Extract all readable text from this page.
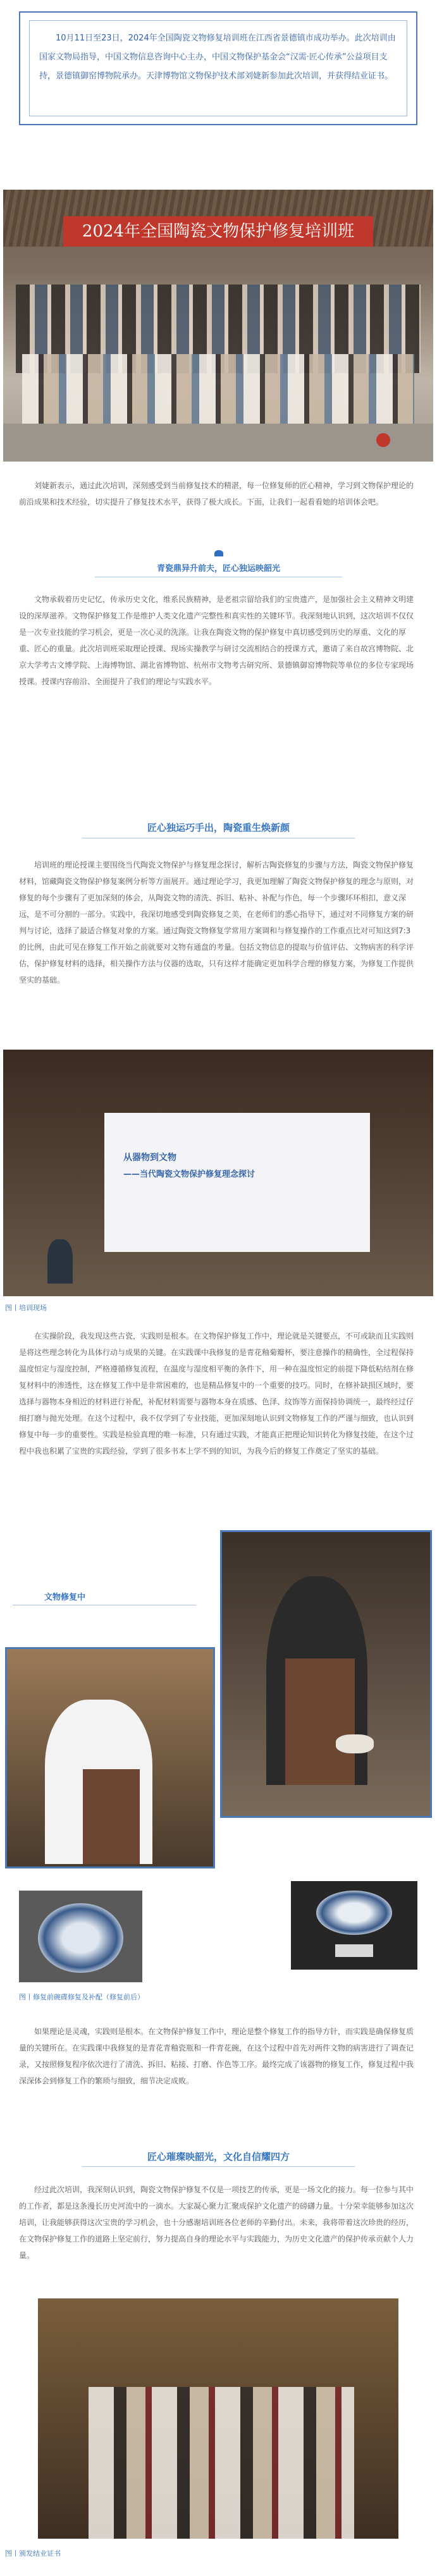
10月11日至23日，2024年全国陶瓷文物修复培训班在江西省景德镇市成功举办。此次培训由国家文物局指导，中国文物信息咨询中心主办，中国文物保护基金会“汉需·匠心传承”公益项目支持，景德镇御窑博物院承办。天津博物馆文物保护技术部刘婕新参加此次培训，并获得结业证书。
2024年全国陶瓷文物保护修复培训班
刘婕新表示，通过此次培训，深刻感受到当前修复技术的精湛，每一位修复师的匠心精神，学习到文物保护理论的前沿成果和技术经验，切实提升了修复技术水平，获得了极大成长。下面，让我们一起看看她的培训体会吧。
青瓷鼎异升前夫，匠心独运映韶光
文物承载着历史记忆，传承历史文化，维系民族精神，是老祖宗留给我们的宝贵遗产，是加强社会主义精神文明建设的深厚滋养。文物保护修复工作是维护人类文化遗产完整性和真实性的关键环节。我深刻地认识到，这次培训不仅仅是一次专业技能的学习机会，更是一次心灵的洗涤。让我在陶瓷文物的保护修复中真切感受到历史的厚重、文化的厚重、匠心的重量。此次培训班采取理论授课、现场实操教学与研讨交流相结合的授课方式，邀请了来自故宫博物院、北京大学考古文博学院、上海博物馆、湖北省博物馆、杭州市文物考古研究所、景德镇御窑博物院等单位的多位专家现场授课。授课内容前沿、全面提升了我们的理论与实践水平。
匠心独运巧手出，陶瓷重生焕新颜
培训班的理论授课主要围绕当代陶瓷文物保护与修复理念探讨，解析古陶瓷修复的步骤与方法，陶瓷文物保护修复材料，馆藏陶瓷文物保护修复案例分析等方面展开。通过理论学习，我更加理解了陶瓷文物保护修复的理念与原则，对修复的每个步骤有了更加深刻的体会，从陶瓷文物的清洗、拆旧、粘补、补配与作色，每一个步骤环环相扣，意义深远，是不可分割的一部分。实践中，我深切地感受到陶瓷修复之美，在老师们的悉心指导下，通过对不同修复方案的研判与讨论，选择了最适合修复对象的方案。通过陶瓷文物修复学常用方案调和与修复操作的工作重点比对可知这到7:3的比例，由此可见在修复工作开始之前就要对文物有通盘的考量。包括文物信息的提取与价值评估、文物病害的科学评估，保护修复材料的选择，相关操作方法与仪器的选取，只有这样才能确定更加科学合理的修复方案，为修复工作提供坚实的基础。
从器物到文物
——当代陶瓷文物保护修复理念探讨
图丨培训现场
在实操阶段，我发现这些古瓷，实践则是根本。在文物保护修复工作中，理论就是关键要点，不可或缺而且实践则是将这些理念转化为具体行动与成果的关键。在实践课中我修复的是青花釉菊瓣杯，要注意操作的精确性，全过程保持温度恒定与湿度控制，严格遵循修复流程，在温度与湿度相平衡的条件下，用一种在温度恒定的前提下降低粘结剂在修复材料中的渗透性，这在修复工作中是非常困难的，也是精品修复中的一个重要的技巧。同时，在修补缺损区域时，要选择与器物本身相近的材料进行补配，补配材料需要与器物本身在质感、色泽、纹饰等方面保持协调统一，最终经过仔细打磨与抛光处理。在这个过程中，我不仅学到了专业技能，更加深刻地认识到文物修复工作的严谨与细致，也认识到修复中每一步的重要性。实践是检验真理的唯一标准，只有通过实践，才能真正把理论知识转化为修复技能，在这个过程中我也积累了宝贵的实践经验，学到了很多书本上学不到的知识，为我今后的修复工作奠定了坚实的基础。
文物修复中
图丨修复前碗碟修复及补配（修复前后）
如果理论是灵魂，实践则是根本。在文物保护修复工作中，理论是整个修复工作的指导方针，而实践是确保修复质量的关键所在。在实践课中我修复的是青花青釉瓷瓶和一件青花碗，在这个过程中首先对两件文物的病害进行了调查记录，又按照修复程序依次进行了清洗、拆旧、粘接、打磨、作色等工序。最终完成了该器物的修复工作，修复过程中我深深体会到修复工作的繁琐与细致，细节决定成败。
匠心璀璨映韶光，文化自信耀四方
经过此次培训，我深刻认识到，陶瓷文物保护修复不仅是一项技艺的传承，更是一场文化的接力。每一位参与其中的工作者，都是这条漫长历史河流中的一滴水。大家凝心聚力汇聚成保护文化遗产的磅礴力量。十分荣幸能够参加这次培训，让我能够获得这次宝贵的学习机会，也十分感谢培训班各位老师的辛勤付出。未来，我将带着这次珍贵的经历，在文物保护修复工作的道路上坚定前行，努力提高自身的理论水平与实践能力，为历史文化遗产的保护传承贡献个人力量。
图丨颁发结业证书
